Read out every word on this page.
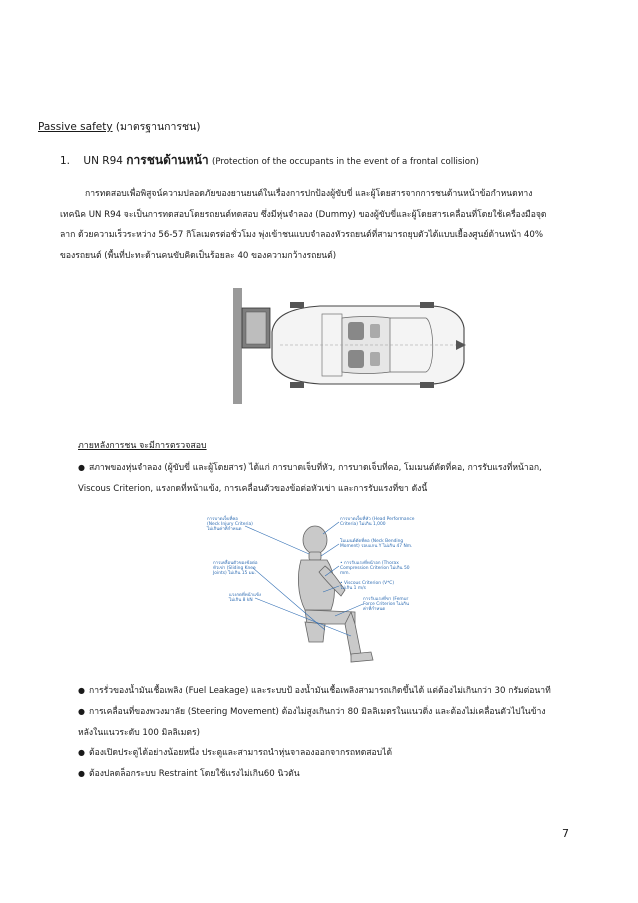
Passive safety (มาตรฐานการชน)
1. UN R94 การชนด้านหน้า (Protection of the occupants in the event of a frontal collision)
การทดสอบเพื่อพิสูจน์ความปลอดภัยของยานยนต์ในเรื่องการปกป้องผู้ขับขี่ และผู้โดยสารจากการชนด้านหน้าข้อกำหนดทาง
เทคนิค UN R94 จะเป็นการทดสอบโดยรถยนต์ทดสอบ ซึ่งมีหุ่นจำลอง (Dummy) ของผู้ขับขี่และผู้โดยสารเคลื่อนที่โดยใช้เครื่องมือจุด
ลาก ด้วยความเร็วระหว่าง 56-57 กิโลเมตรต่อชั่วโมง พุ่งเข้าชนแบบจำลองหัวรถยนต์ที่สามารถยุบตัวได้แบบเยื้องศูนย์ด้านหน้า 40%
ของรถยนต์ (พื้นที่ปะทะด้านคนขับคิดเป็นร้อยละ 40 ของความกว้างรถยนต์)
ภายหลังการชน จะมีการตรวจสอบ
● สภาพของหุ่นจำลอง (ผู้ขับขี่ และผู้โดยสาร) ได้แก่ การบาดเจ็บที่หัว, การบาดเจ็บที่คอ, โมเมนต์ดัดที่คอ, การรับแรงที่หน้าอก,
Viscous Criterion, แรงกดที่หน้าแข้ง, การเคลื่อนตัวของข้อต่อหัวเข่า และการรับแรงที่ขา ดังนี้
การบาดเจ็บที่คอ(Neck Injury Criteria)ไม่เกินค่าที่กำหนด
การบาดเจ็บที่หัว (Head Performance Criteria) ไม่เกิน 1,000
โมเมนต์ดัดที่คอ (Neck Bending Moment) รอบแกน Y ไม่เกิน 47 Nm.
• การรับแรงที่หน้าอก (Thorax Compression Criterion ไม่เกิน 50 mm.
• Viscous Criterion (V*C)ไม่เกิน 1 m/s
การเคลื่อนตัวของข้อต่อหัวเข่า (Sliding Knee Joints) ไม่เกิน 15 มม.
แรงกดที่หน้าแข้งไม่เกิน 8 kN	การรับแรงที่ขา (Femur Force Criterion ไม่เกินค่าที่กำหนด
● การรั่วของน้ำมันเชื้อเพลิง (Fuel Leakage) และระบบป้ องน้ำมันเชื้อเพลิงสามารถเกิดขึ้นได้ แต่ต้องไม่เกินกว่า 30 กรัมต่อนาที
● การเคลื่อนที่ของพวงมาลัย (Steering Movement) ต้องไม่สูงเกินกว่า 80 มิลลิเมตรในแนวดิ่ง และต้องไม่เคลื่อนตัวไปในข้าง
หลังในแนวระดับ 100 มิลลิเมตร)
● ต้องเปิดประตูได้อย่างน้อยหนึ่ง ประตูและสามารถนำหุ่นจาลองออกจากรถทดสอบได้
● ต้องปลดล็อกระบบ Restraint โดยใช้แรงไม่เกิน60 นิวตัน
7
